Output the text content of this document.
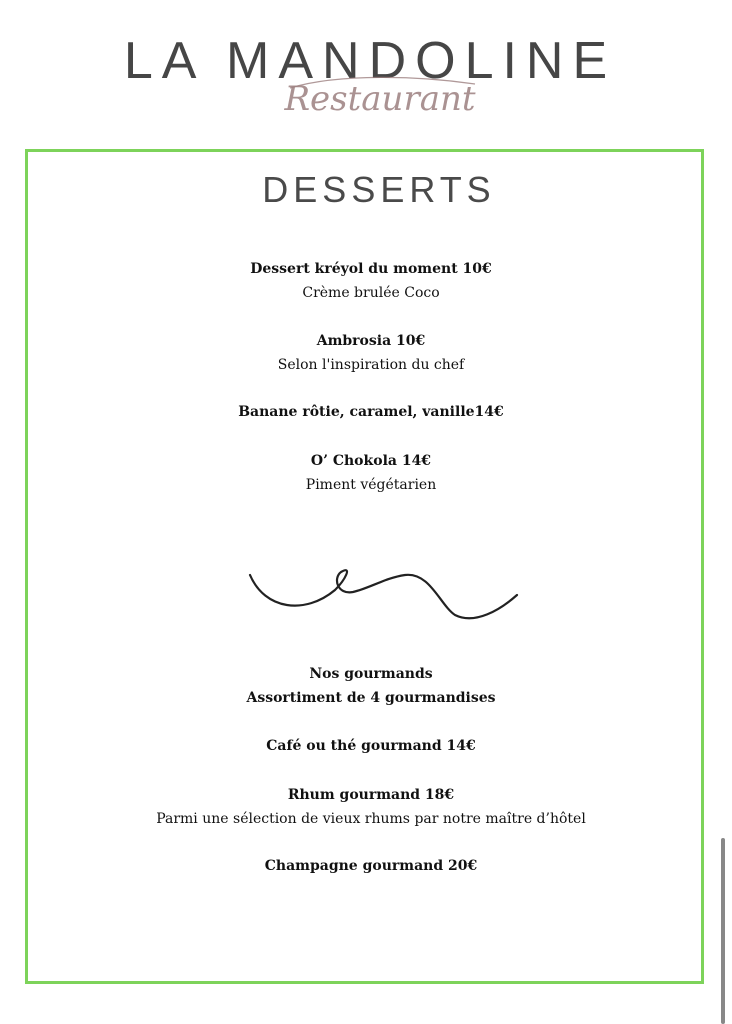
LA MANDOLINE
Restaurant
DESSERTS
Dessert kréyol du moment 10€
Crème brulée Coco
Ambrosia 10€
Selon l'inspiration du chef
Banane rôtie, caramel, vanille14€
O’ Chokola 14€
Piment végétarien
Nos gourmands
Assortiment de 4 gourmandises
Café ou thé gourmand 14€
Rhum gourmand 18€
Parmi une sélection de vieux rhums par notre maître d’hôtel
Champagne gourmand 20€
